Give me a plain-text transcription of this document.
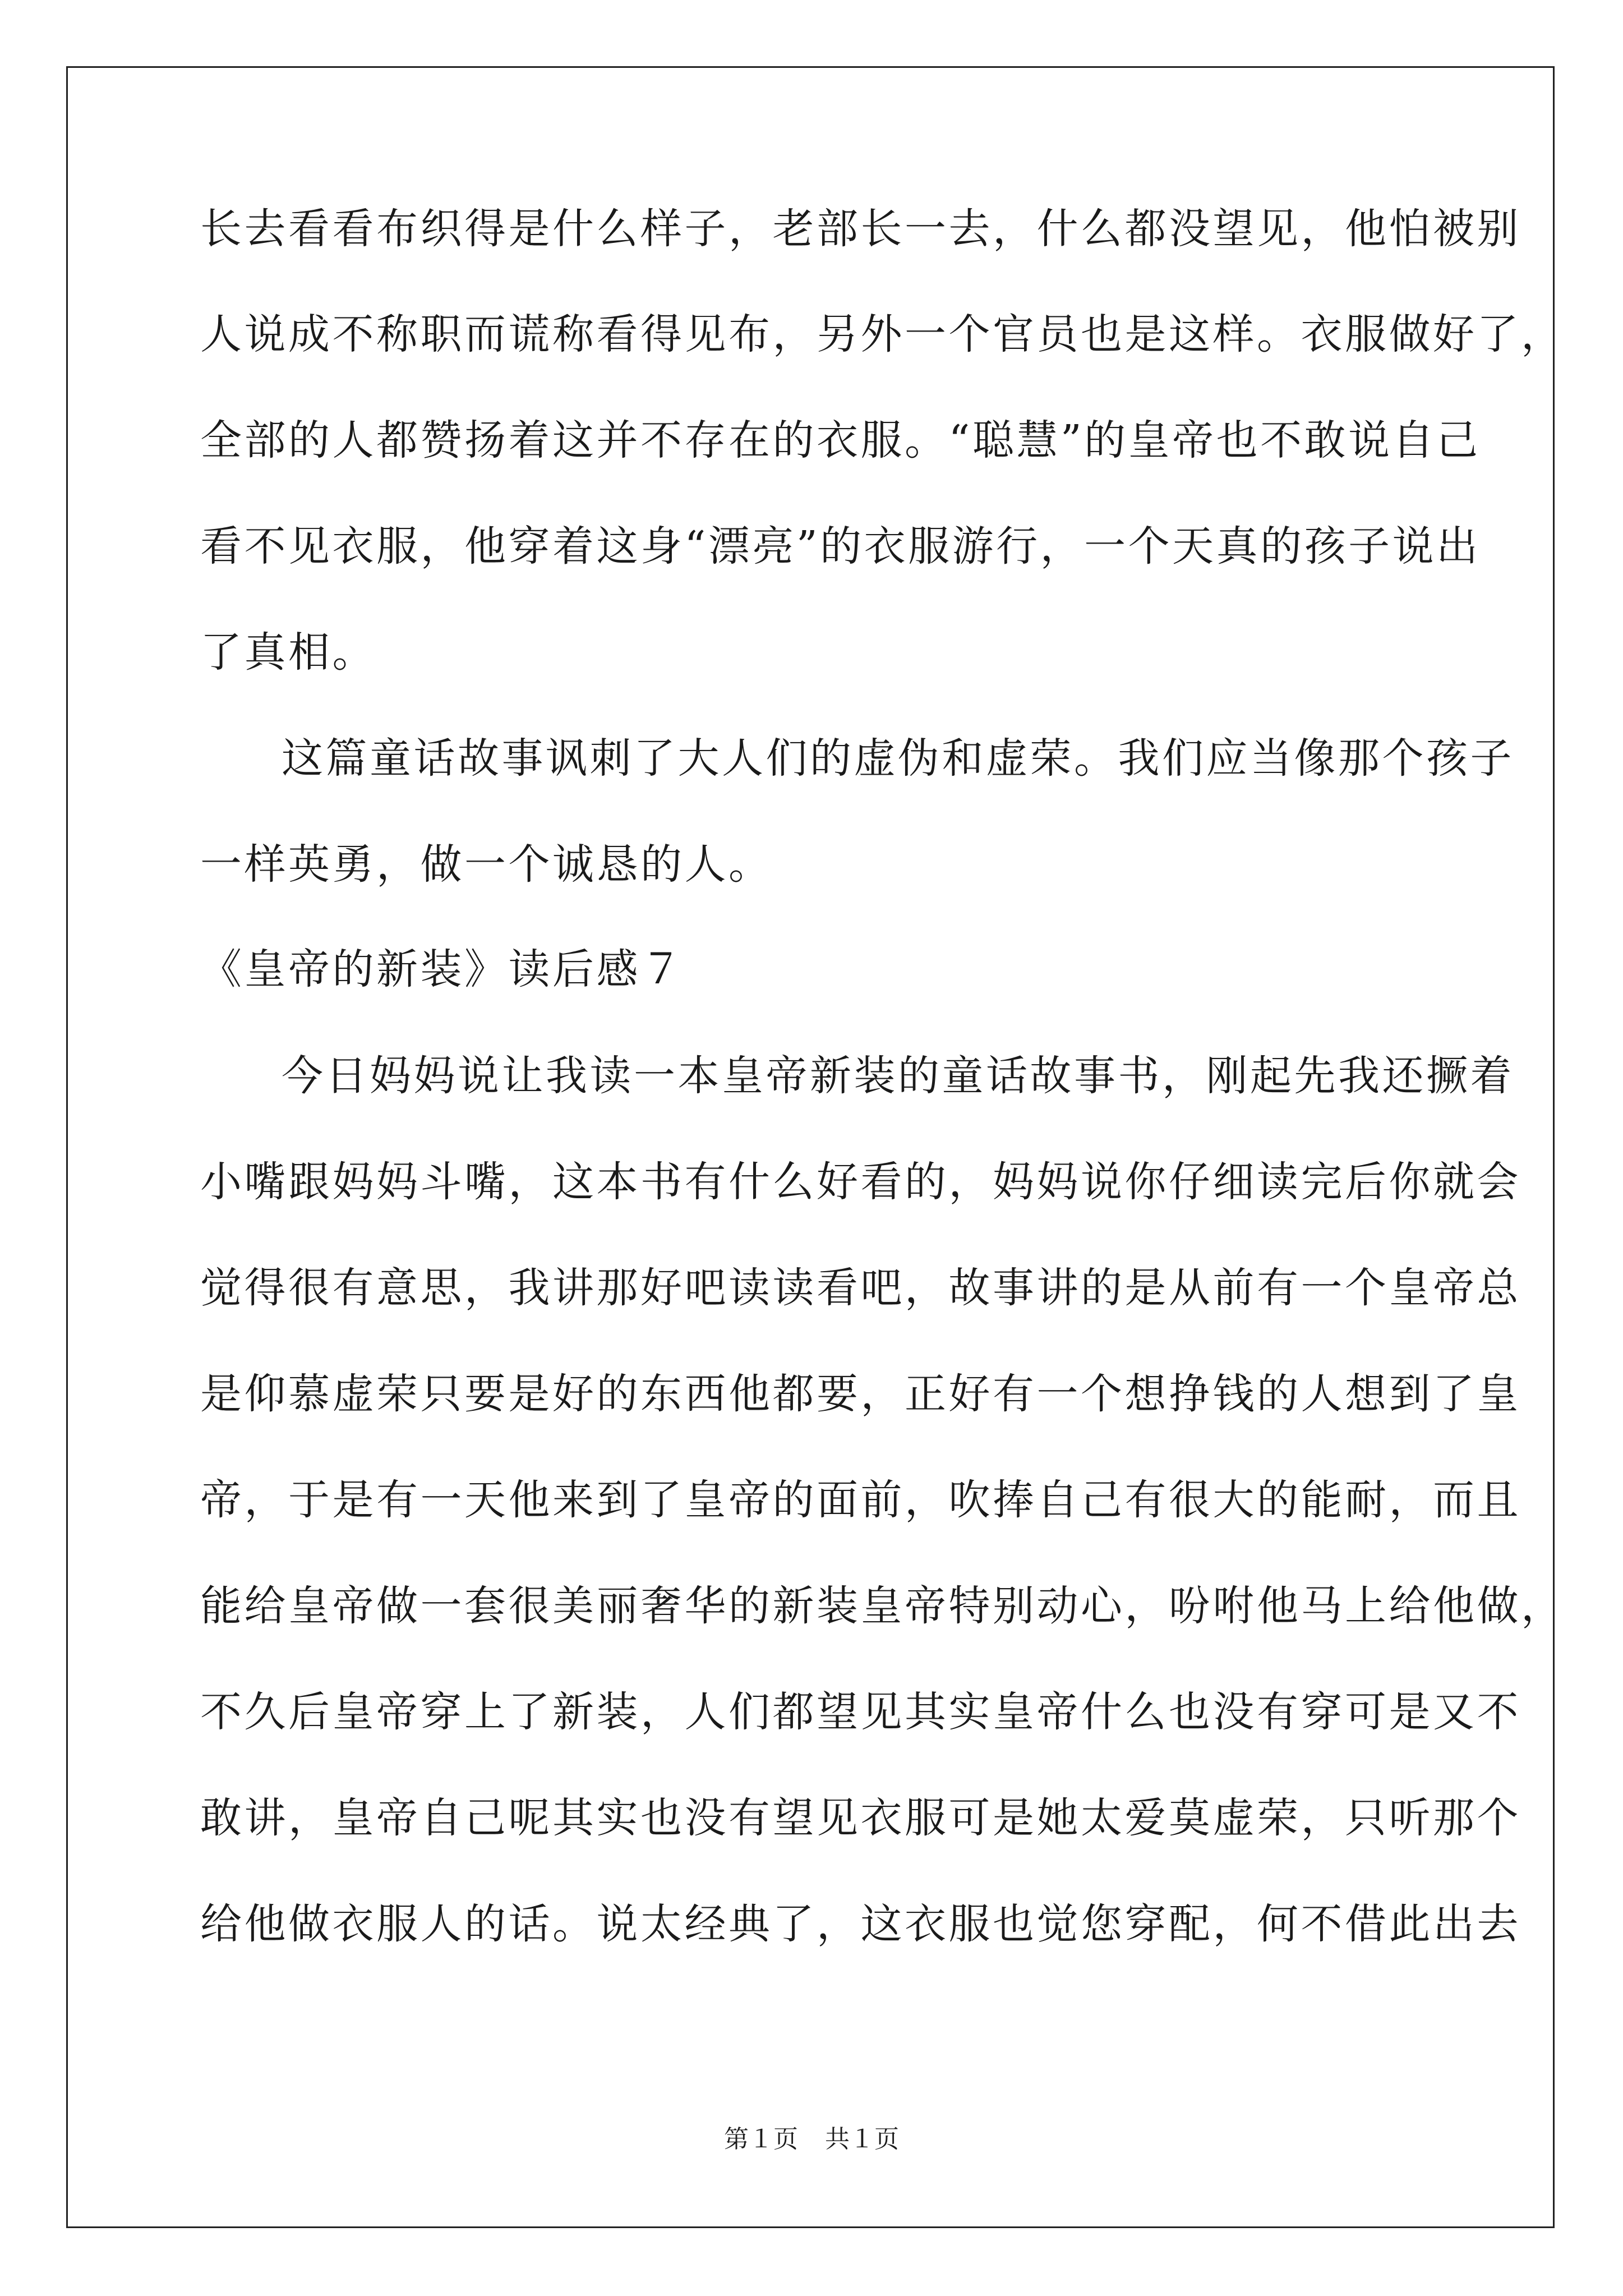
长去看看布织得是什么样子，老部长一去，什么都没望见，他怕被别
人说成不称职而谎称看得见布，另外一个官员也是这样。衣服做好了，
全部的人都赞扬着这并不存在的衣服。“聪慧”的皇帝也不敢说自己
看不见衣服，他穿着这身“漂亮”的衣服游行，一个天真的孩子说出
了真相。
这篇童话故事讽刺了大人们的虚伪和虚荣。我们应当像那个孩子
一样英勇，做一个诚恳的人。
《皇帝的新装》读后感７
今日妈妈说让我读一本皇帝新装的童话故事书，刚起先我还撅着
小嘴跟妈妈斗嘴，这本书有什么好看的，妈妈说你仔细读完后你就会
觉得很有意思，我讲那好吧读读看吧，故事讲的是从前有一个皇帝总
是仰慕虚荣只要是好的东西他都要，正好有一个想挣钱的人想到了皇
帝，于是有一天他来到了皇帝的面前，吹捧自己有很大的能耐，而且
能给皇帝做一套很美丽奢华的新装皇帝特别动心，吩咐他马上给他做，
不久后皇帝穿上了新装，人们都望见其实皇帝什么也没有穿可是又不
敢讲，皇帝自己呢其实也没有望见衣服可是她太爱莫虚荣，只听那个
给他做衣服人的话。说太经典了，这衣服也觉您穿配，何不借此出去
第１页 共１页
